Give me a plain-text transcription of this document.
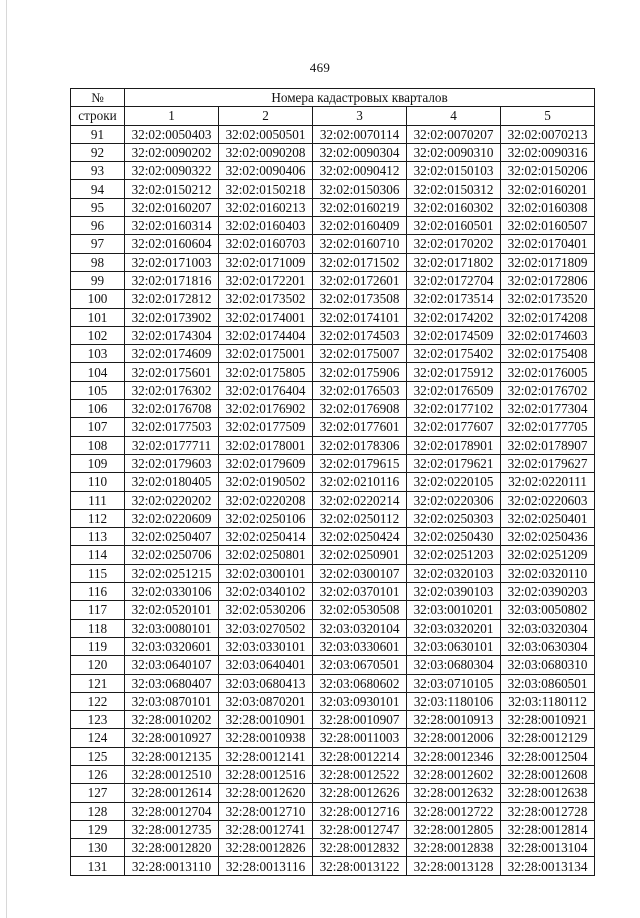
469
№	Номера кадастровых кварталов				
строки	1	2	3	4	5
91	32:02:0050403	32:02:0050501	32:02:0070114	32:02:0070207	32:02:0070213
92	32:02:0090202	32:02:0090208	32:02:0090304	32:02:0090310	32:02:0090316
93	32:02:0090322	32:02:0090406	32:02:0090412	32:02:0150103	32:02:0150206
94	32:02:0150212	32:02:0150218	32:02:0150306	32:02:0150312	32:02:0160201
95	32:02:0160207	32:02:0160213	32:02:0160219	32:02:0160302	32:02:0160308
96	32:02:0160314	32:02:0160403	32:02:0160409	32:02:0160501	32:02:0160507
97	32:02:0160604	32:02:0160703	32:02:0160710	32:02:0170202	32:02:0170401
98	32:02:0171003	32:02:0171009	32:02:0171502	32:02:0171802	32:02:0171809
99	32:02:0171816	32:02:0172201	32:02:0172601	32:02:0172704	32:02:0172806
100	32:02:0172812	32:02:0173502	32:02:0173508	32:02:0173514	32:02:0173520
101	32:02:0173902	32:02:0174001	32:02:0174101	32:02:0174202	32:02:0174208
102	32:02:0174304	32:02:0174404	32:02:0174503	32:02:0174509	32:02:0174603
103	32:02:0174609	32:02:0175001	32:02:0175007	32:02:0175402	32:02:0175408
104	32:02:0175601	32:02:0175805	32:02:0175906	32:02:0175912	32:02:0176005
105	32:02:0176302	32:02:0176404	32:02:0176503	32:02:0176509	32:02:0176702
106	32:02:0176708	32:02:0176902	32:02:0176908	32:02:0177102	32:02:0177304
107	32:02:0177503	32:02:0177509	32:02:0177601	32:02:0177607	32:02:0177705
108	32:02:0177711	32:02:0178001	32:02:0178306	32:02:0178901	32:02:0178907
109	32:02:0179603	32:02:0179609	32:02:0179615	32:02:0179621	32:02:0179627
110	32:02:0180405	32:02:0190502	32:02:0210116	32:02:0220105	32:02:0220111
111	32:02:0220202	32:02:0220208	32:02:0220214	32:02:0220306	32:02:0220603
112	32:02:0220609	32:02:0250106	32:02:0250112	32:02:0250303	32:02:0250401
113	32:02:0250407	32:02:0250414	32:02:0250424	32:02:0250430	32:02:0250436
114	32:02:0250706	32:02:0250801	32:02:0250901	32:02:0251203	32:02:0251209
115	32:02:0251215	32:02:0300101	32:02:0300107	32:02:0320103	32:02:0320110
116	32:02:0330106	32:02:0340102	32:02:0370101	32:02:0390103	32:02:0390203
117	32:02:0520101	32:02:0530206	32:02:0530508	32:03:0010201	32:03:0050802
118	32:03:0080101	32:03:0270502	32:03:0320104	32:03:0320201	32:03:0320304
119	32:03:0320601	32:03:0330101	32:03:0330601	32:03:0630101	32:03:0630304
120	32:03:0640107	32:03:0640401	32:03:0670501	32:03:0680304	32:03:0680310
121	32:03:0680407	32:03:0680413	32:03:0680602	32:03:0710105	32:03:0860501
122	32:03:0870101	32:03:0870201	32:03:0930101	32:03:1180106	32:03:1180112
123	32:28:0010202	32:28:0010901	32:28:0010907	32:28:0010913	32:28:0010921
124	32:28:0010927	32:28:0010938	32:28:0011003	32:28:0012006	32:28:0012129
125	32:28:0012135	32:28:0012141	32:28:0012214	32:28:0012346	32:28:0012504
126	32:28:0012510	32:28:0012516	32:28:0012522	32:28:0012602	32:28:0012608
127	32:28:0012614	32:28:0012620	32:28:0012626	32:28:0012632	32:28:0012638
128	32:28:0012704	32:28:0012710	32:28:0012716	32:28:0012722	32:28:0012728
129	32:28:0012735	32:28:0012741	32:28:0012747	32:28:0012805	32:28:0012814
130	32:28:0012820	32:28:0012826	32:28:0012832	32:28:0012838	32:28:0013104
131	32:28:0013110	32:28:0013116	32:28:0013122	32:28:0013128	32:28:0013134
